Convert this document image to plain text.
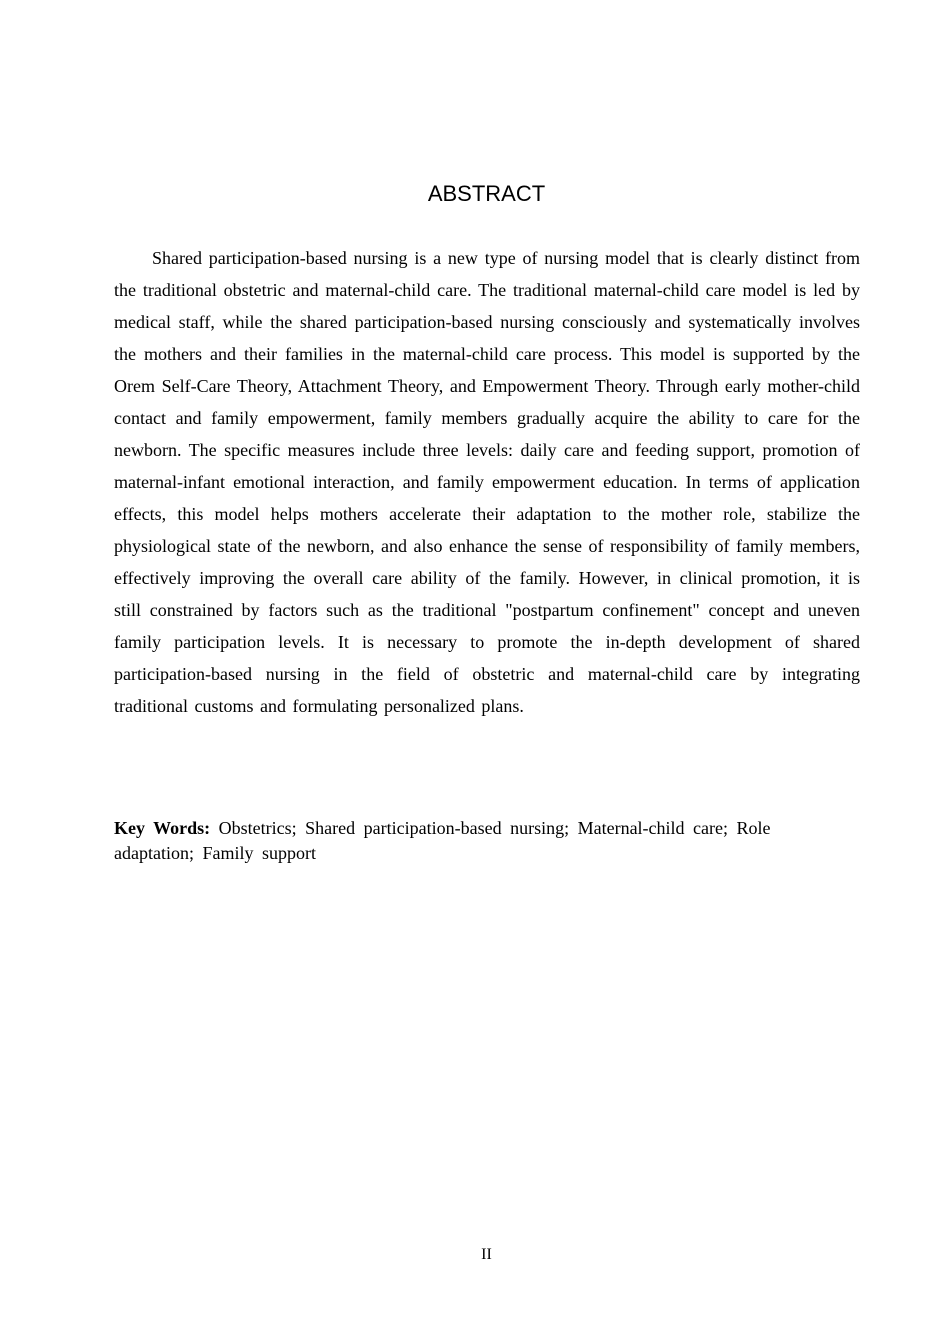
ABSTRACT

Shared participation-based nursing is a new type of nursing model that is clearly distinct from the traditional obstetric and maternal-child care. The traditional maternal-child care model is led by medical staff, while the shared participation-based nursing consciously and systematically involves the mothers and their families in the maternal-child care process. This model is supported by the Orem Self-Care Theory, Attachment Theory, and Empowerment Theory. Through early mother-child contact and family empowerment, family members gradually acquire the ability to care for the newborn. The specific measures include three levels: daily care and feeding support, promotion of maternal-infant emotional interaction, and family empowerment education. In terms of application effects, this model helps mothers accelerate their adaptation to the mother role, stabilize the physiological state of the newborn, and also enhance the sense of responsibility of family members, effectively improving the overall care ability of the family. However, in clinical promotion, it is still constrained by factors such as the traditional "postpartum confinement" concept and uneven family participation levels. It is necessary to promote the in-depth development of shared participation-based nursing in the field of obstetric and maternal-child care by integrating traditional customs and formulating personalized plans.

Key Words: Obstetrics; Shared participation-based nursing; Maternal-child care; Role adaptation; Family support

II
